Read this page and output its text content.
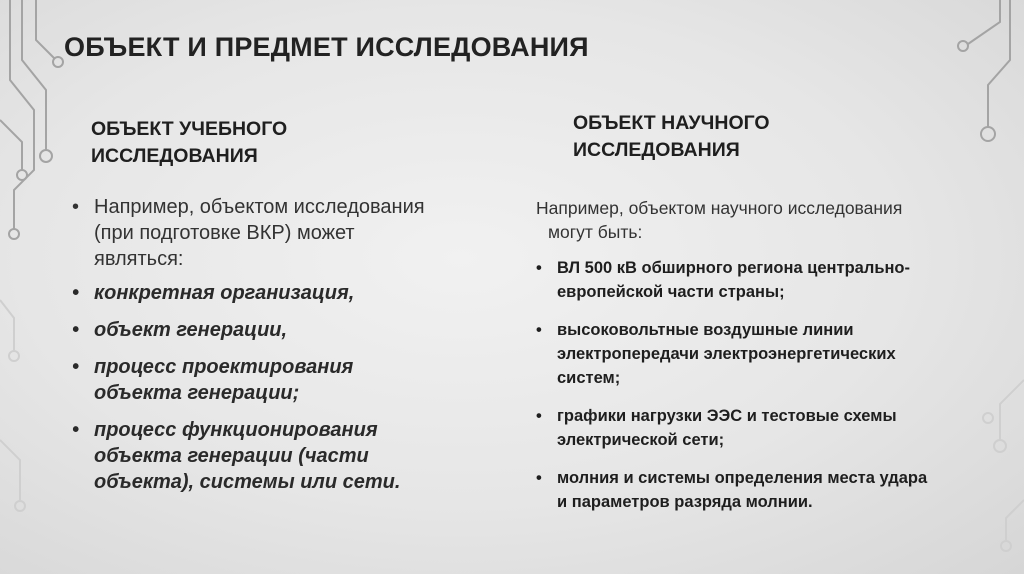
ОБЪЕКТ И ПРЕДМЕТ ИССЛЕДОВАНИЯ
ОБЪЕКТ УЧЕБНОГО
ИССЛЕДОВАНИЯ
ОБЪЕКТ НАУЧНОГО
ИССЛЕДОВАНИЯ
• Например, объектом исследования
(при подготовке ВКР) может
являться:
• конкретная организация,
• объект генерации,
• процесс проектирования
объекта генерации;
• процесс функционирования
объекта генерации (части
объекта), системы или сети.
Например, объектом научного исследования
могут быть:
• ВЛ 500 кВ обширного региона центрально-
европейской части страны;
• высоковольтные воздушные линии
электропередачи электроэнергетических
систем;
• графики нагрузки ЭЭС и тестовые схемы
электрической сети;
• молния и системы определения места удара
и параметров разряда молнии.
